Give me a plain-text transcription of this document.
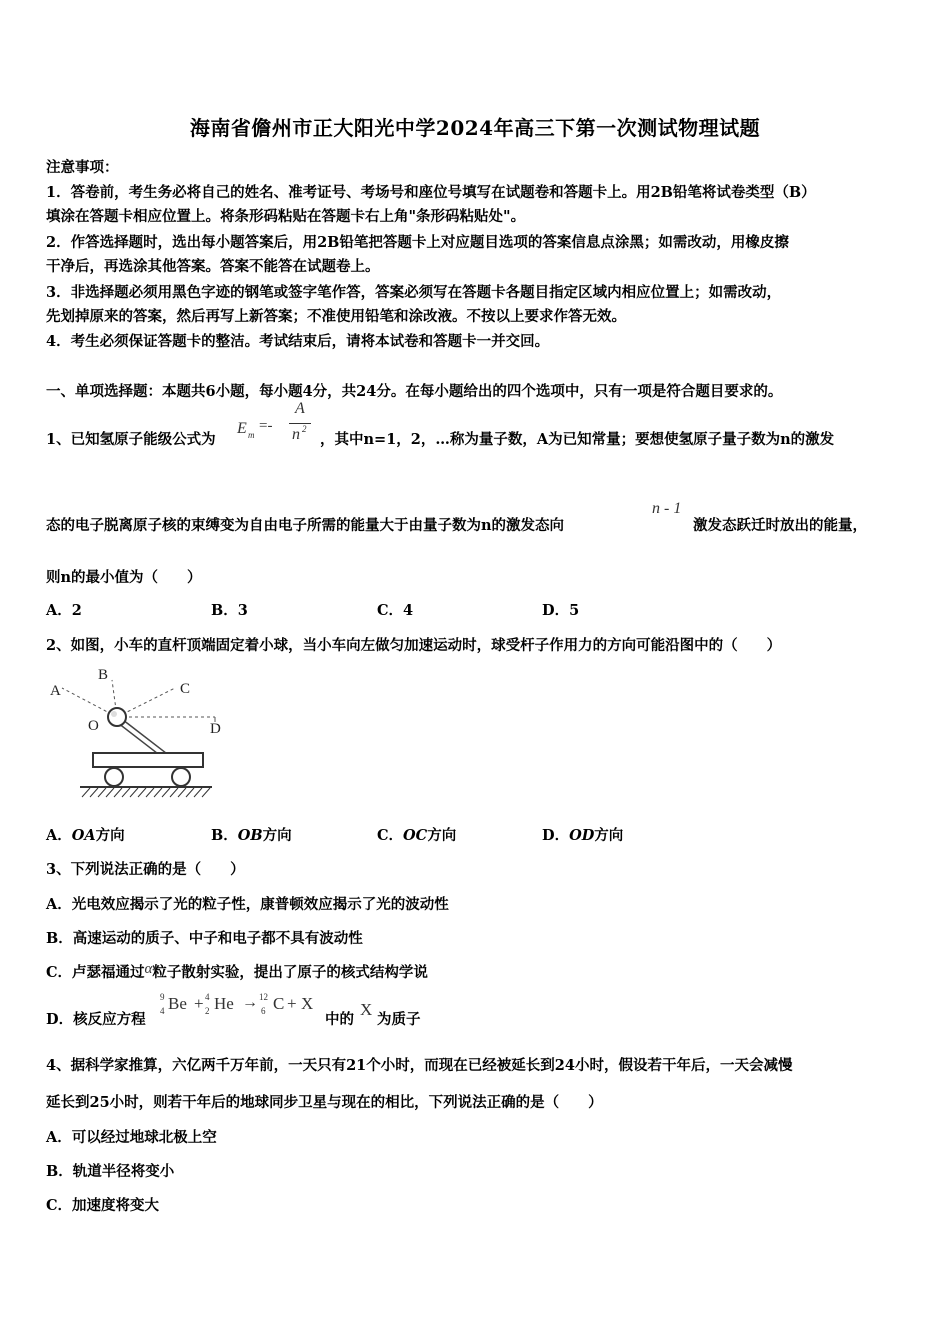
海南省儋州市正大阳光中学2024年高三下第一次测试物理试题
注意事项：
1．答卷前，考生务必将自己的姓名、准考证号、考场号和座位号填写在试题卷和答题卡上。用2B铅笔将试卷类型（B）
填涂在答题卡相应位置上。将条形码粘贴在答题卡右上角"条形码粘贴处"。
2．作答选择题时，选出每小题答案后，用2B铅笔把答题卡上对应题目选项的答案信息点涂黑；如需改动，用橡皮擦
干净后，再选涂其他答案。答案不能答在试题卷上。
3．非选择题必须用黑色字迹的钢笔或签字笔作答，答案必须写在答题卡各题目指定区域内相应位置上；如需改动，
先划掉原来的答案，然后再写上新答案；不准使用铅笔和涂改液。不按以上要求作答无效。
4．考生必须保证答题卡的整洁。考试结束后，请将本试卷和答题卡一并交回。
一、单项选择题：本题共6小题，每小题4分，共24分。在每小题给出的四个选项中，只有一项是符合题目要求的。
1、已知氢原子能级公式为
E m
=-
A
n 2
，其中n=1，2，…称为量子数，A为已知常量；要想使氢原子量子数为n的激发
态的电子脱离原子核的束缚变为自由电子所需的能量大于由量子数为n的激发态向
n - 1
激发态跃迁时放出的能量，
则n的最小值为（　　）
A．2	B．3	C．4	D．5
2、如图，小车的直杆顶端固定着小球，当小车向左做匀加速运动时，球受杆子作用力的方向可能沿图中的（　　）
A
B
C
D
O
A．OA方向	B．OB方向	C．OC方向	D．OD方向
3、下列说法正确的是（　　）
A．光电效应揭示了光的粒子性，康普顿效应揭示了光的波动性
B．高速运动的质子、中子和电子都不具有波动性
C．卢瑟福通过α粒子散射实验，提出了原子的核式结构学说
D．核反应方程
9
4 Be + 4
2 He → 12
6 C + X
中的
X
为质子
4、据科学家推算，六亿两千万年前，一天只有21个小时，而现在已经被延长到24小时，假设若干年后，一天会减慢
延长到25小时，则若干年后的地球同步卫星与现在的相比，下列说法正确的是（　　）
A．可以经过地球北极上空
B．轨道半径将变小
C．加速度将变大
